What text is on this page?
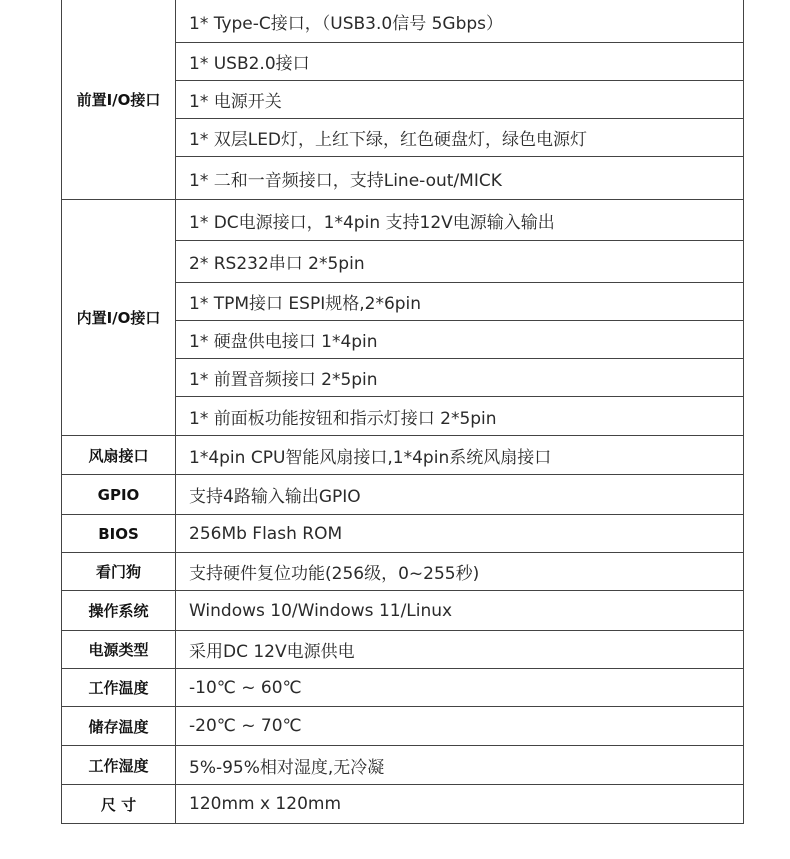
前置I/O接口	1* Type-C接口，（USB3.0信号 5Gbps）
	1* USB2.0接口
	1* 电源开关
	1* 双层LED灯，上红下绿，红色硬盘灯，绿色电源灯
	1* 二和一音频接口，支持Line-out/MICK
内置I/O接口	1* DC电源接口，1*4pin 支持12V电源输入输出
	2* RS232串口 2*5pin
	1* TPM接口 ESPI规格,2*6pin
	1* 硬盘供电接口 1*4pin
	1* 前置音频接口 2*5pin
	1* 前面板功能按钮和指示灯接口 2*5pin
风扇接口	1*4pin CPU智能风扇接口,1*4pin系统风扇接口
GPIO	支持4路输入输出GPIO
BIOS	256Mb Flash ROM
看门狗	支持硬件复位功能(256级，0~255秒)
操作系统	Windows 10/Windows 11/Linux
电源类型	采用DC 12V电源供电
工作温度	-10℃ ~ 60℃
储存温度	-20℃ ~ 70℃
工作湿度	5%-95%相对湿度,无冷凝
尺 寸	120mm x 120mm
